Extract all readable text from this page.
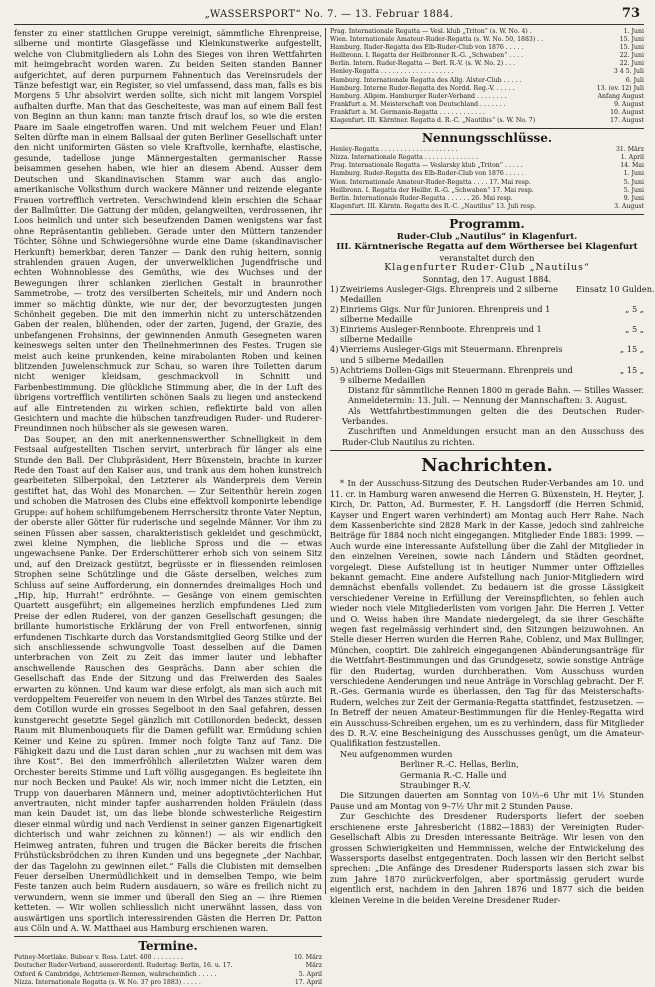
„WASSERSPORT“ No. 7. — 13. Februar 1884.	73

fenster zu einer stattlichen Gruppe vereinigt, sämmtliche Ehrenpreise, silberne und montirte Glasgefässe und Kleinkunstwerke aufgestellt, welche von Clubmitgliedern als Lohn des Sieges von ihren Wettfahrten mit heimgebracht worden waren. Zu beiden Seiten standen Banner aufgerichtet, auf deren purpurnem Fahnentuch das Vereinsrudels der Tänze befestigt war, ein Register, so viel umfassend, dass man, falls es bis Morgens 5 Uhr absolvirt werden sollte, sich nicht mit langem Vorspiel aufhalten durfte. Man that das Gescheiteste, was man auf einem Ball fest von Beginn an thun kann: man tanzte frisch drauf los, so wie die ersten Paare im Saale eingetroffen waren. Und mit welchem Feuer und Elan! Selten dürfte man in einem Ballsaal der guten Berliner Gesellschaft unter den nicht uniformirten Gästen so viele Kraftvolle, kernhafte, elastische, gesunde, tadellose junge Männergestalten germanischer Rasse beisammen gesehen haben, wie hier an diesem Abend. Ausser dem Deutschen und Skandinavischen Stamm war auch das anglo-amerikanische Volksthum durch wackere Männer und reizende elegante Frauen vortrefflich vertreten. Verschwindend klein erschien die Schaar der Ballmütter. Die Gattung der müden, gelangweilten, verdrossenen, ihr Loos heimlich und unter sich beseufzenden Damen wenigstens war fast ohne Repräsentantin geblieben. Gerade unter den Müttern tanzender Töchter, Söhne und Schwiegersöhne wurde eine Dame (skandinavischer Herkunft) bemerkbar, deren Tanzer — Dank den ruhig heitern, sonnig strahlenden grauen Augen, der unverwelklichen Jugendfrische und echten Wohnnoblesse des Gemüths, wie des Wuchses und der Bewegungen ihrer schlanken zierlichen Gestalt in braunrother Sammetrobe, — trotz des versilberten Scheitels, mir und Andern noch immer so mächtig dünkte, wie nur der, der bevorzugtesten jungen Schönheit gegeben. Die mit den immerhin nicht zu unterschätzenden Gaben der realen, blühenden, oder der zarten, Jugend, der Grazie, des unbefangenen Frohsinns, der gewinnenden Anmuth Gesegneten waren keineswegs selten unter den Theilnehmerinnen des Festes. Trugen sie meist auch keine prunkenden, keine mirabolanten Roben und keinen blitzenden Juwelenschmuck zur Schau, so waren ihre Toiletten darum nicht weniger kleidsam, geschmackvoll in Schnitt und Farbenbestimmung. Die glückliche Stimmung aber, die in der Luft des übrigens vortrefflich ventilirten schönen Saals zu liegen und ansteckend auf alle Eintretenden zu wirken schien, reflektirte bald von allen Gesichtern und machte die hübschen tanzfreudigen Ruder- und Ruderer-Freundinnen noch hübscher als sie gewesen waren.

Das Souper, an den mit anerkennenswerther Schnelligkeit in dem Festsaal aufgestellten Tischen servirt, unterbrach für länger als eine Stunde den Ball. Der Clubpräsident, Herr Büxenstein, brachte in kurzer Rede den Toast auf den Kaiser aus, und trank aus dem hohen kunstreich gearbeiteten Silberpokal, den Letzterer als Wanderpreis dem Verein gestiftet hat, das Wohl des Monarchen. — Zur Seitenthür herein zogen und schoben die Matrosen des Clubs eine effektvoll komponirte lebendige Gruppe: auf hohem schilfumgebenem Herrschersitz thronte Vater Neptun, der oberste aller Götter für ruderische und segelnde Männer. Vor ihm zu seinen Füssen aber sassen, charakteristisch gekleidet und geschmückt, zwei kleine Nymphen, die liebliche Spross und die — etwas ungewachsene Panke. Der Erderschütterer erhob sich von seinem Sitz und, auf den Dreizack gestützt, begrüsste er in fliessenden reimlosen Strophen seine Schützlinge und die Gäste derselben, welches zum Schluss auf seine Aufforderung, ein donnerndes dreimaliges Hoch und „Hip, hip, Hurrah!“ erdröhnte. — Gesänge von einem gemischten Quartett ausgeführt; ein allgemeines herzlich empfundenes Lied zum Preise der edlen Ruderei, von der ganzen Gesellschaft gesungen; die brillante humoristische Erklärung der von Frell entworfenen, sinnig erfundenen Tischkarte durch das Vorstandsmitglied Georg Stilke und der sich anschliessende schwungvolle Toast desselben auf die Damen unterbrachen von Zeit zu Zeit das immer lauter und lebhafter anschwellende Rauschen des Gesprächs. Dann aber schien die Gesellschaft das Ende der Sitzung und das Freiwerden des Saales erwarten zu können. Und kaum war diese erfolgt, als man sich auch mit verdoppeltem Feuereifer von neuem in den Wirbel des Tanzes stürzte. Bei dem Cotillon wurde ein grosses Segelboot in den Saal gefahren, dessen kunstgerecht gesetzte Segel gänzlich mit Cotillonorden bedeckt, dessen Raum mit Blumenbouquets für die Damen gefüllt war. Ermüdung schien Keiner und Keine zu spüren. Immer noch folgte Tanz auf Tanz. Die Fähigkeit dazu und die Lust daran schien „nur zu wachsen mit dem was ihre Kost“. Bei den immerfröhlich alleriletzten Walzer waren dem Orchester bereits Stimme und Luft völlig ausgegangen. Es begleitete ihn nur noch Becken und Pauke! Als wir, noch immer nicht die Letzten, ein Trupp von dauerbaren Männern und, meiner adoptivtöchterlichen Hut anvertrauten, nicht minder tapfer ausharrenden holden Fräulein (dass man kein Daudet ist, um das liebe blonde schwesterliche Reigestirn dieser einmal würdig und nach Verdienst in seiner ganzen Eigenartigkeit dichterisch und wahr zeichnen zu können!) — als wir endlich den Heimweg antraten, fuhren und trugen die Bäcker bereits die frischen Frühstücksbrödchen zu ihren Kunden und uns begegnete „der Nachbar, der das Tagelohn zu gewinnen eilet.“ Falls die Clubisten mit demselben Feuer derselben Unermüdlichkeit und in demselben Tempo, wie beim Feste tanzen auch beim Rudern ausdauern, so wäre es freilich nicht zu verwundern, wenn sie immer und überall den Sieg an — ihre Riemen ketteten. — Wir wollen schliesslich nicht unerwähnt lassen, dass von auswärtigen uns sportlich interessirenden Gästen die Herren Dr. Patton aus Cöln und A. W. Matthaei aus Hamburg erschienen waren.

Termine.
Putney-Mortlake. Bubear v. Ross. Latrl. 400 . . . . . . . .	10. März
Deutscher Ruder-Verband, ausserordentl. Rudertag: Berlin, 16. u. 17.	März
Oxford & Cambridge, Achtriemer-Rennen, wahrscheinlich . . . . .	5. April
Nizza. Internationale Regatta (s. W. No. 37 pro 1883) . . . . .	17. April
Prag. Internationale Regatta — Vesl. klub „Triton“ (s. W. No. 4) .	1. Juni
Wien. Internationale Amateur-Ruder-Regatta (s. W. No. 50, 1883) . .	15. Juni
Hamburg. Ruder-Regatta des Elb-Ruder-Club von 1876 . . . . .	15. Juni
Heilbronn. I. Regatta der Heilbronner R.-G. „Schwaben“ . . . .	22. Juni
Berlin. Intern. Ruder-Regatta — Berl. R.-V. (s. W. No. 2) . . .	22. Juni
Henley-Regatta . . . . . . . . . . . . . . . . . . .	3 4 5. Juli
Hamburg. Internationale Regatta des Allg. Alster-Club . . . . .	6. Juli
Hamburg. Interne Ruder-Regatta des Nordd. Reg.-V. . . . . .	13. (ev. 12) Juli
Hamburg. Allgem. Hamburger Ruder-Verband . . . . . . . .	Anfang August
Frankfurt a. M. Meisterschaft von Deutschland . . . . . . .	9. August
Frankfurt a. M. Germania-Regatta . . . . . . . . . . . .	10. August
Klagenfurt. III. Kärntner. Regatta d. R.-C. „Nautilus“ (s. W. No. 7)	17. August
Nennungsschlüsse.
Henley-Regatta . . . . . . . . . . . . . . . . . . . .	31. März
Nizza. Internationale Regatta . . . . . . . . . . . . . .	1. April
Prag. Internationale Regatta — Veslarsky klub „Triton“ . . . . .	14. Mai
Hamburg. Ruder-Regatta des Elb-Ruder-Club von 1876 . . . . .	1. Juni
Wien. Internationale Amateur-Ruder-Regatta . . . . 17. Mai resp.	5. Juni
Heilbronn. I. Regatta der Heilbr. R.-G. „Schwaben“ 17. Mai resp.	5. Juni
Berlin. Internationale Ruder-Regatta . . . . . . 26. Mai resp.	9. Juni
Klagenfurt. III. Kärntn. Regatta des R.-C. „Nautilus“ 13. Juli resp.	3. August
Programm.

Ruder-Club „Nautilus“ in Klagenfurt.

III. Kärntnerische Regatta auf dem Wörthersee bei Klagenfurt

veranstaltet durch den

Klagenfurter Ruder-Club „Nautilus“

Sonntag, den 17. August 1884.

1) Zweiriems Ausleger-Gigs. Ehrenpreis und 2 silberne Medaillen
Einsatz 10 Gulden.
2) Einriems Gigs. Nur für Junioren. Ehrenpreis und 1 silberne Medaille
„ 5 „
3) Einriems Ausleger-Rennboote. Ehrenpreis und 1 silberne Medaille
„ 5 „
4) Vierriems Ausleger-Gigs mit Steuermann. Ehrenpreis und 5 silberne Medaillen
„ 15 „
5) Achtriems Dollen-Gigs mit Steuermann. Ehrenpreis und 9 silberne Medaillen
„ 15 „

Distanz für sämmtliche Rennen 1800 m gerade Bahn. — Stilles Wasser.

Anmeldetermin: 13. Juli. — Nennung der Mannschaften: 3. August.

Als Wettfahrtbestimmungen gelten die des Deutschen Ruder-Verbandes.

Zuschriften und Anmeldungen ersucht man an den Ausschuss des Ruder-Club Nautilus zu richten.

Nachrichten.

* In der Ausschuss-Sitzung des Deutschen Ruder-Verbandes am 10. und 11. cr. in Hamburg waren anwesend die Herren G. Büxenstein, H. Heyter, J. Kirch, Dr. Patton, Ad. Burmester, F. H. Langsdorff (die Herren Schmid, Kayser und Engert waren verhindert) am Montag auch Herr Rahe. Nach dem Kassenberichte sind 2828 Mark in der Kasse, jedoch sind zahlreiche Beiträge für 1884 noch nicht eingegangen. Mitglieder Ende 1883: 1999. — Auch wurde eine interessante Aufstellung über die Zahl der Mitglieder in den einzelnen Vereinen, sowie nach Ländern und Städten geordnet, vorgelegt. Diese Aufstellung ist in heutiger Nummer unter Offizielles bekannt gemacht. Eine andere Aufstellung nach Junior-Mitgliedern wird demnächst ebenfalls vollendet. Zu bedauern ist die grosse Lässigkeit verschiedener Vereine in Erfüllung der Vereinspflichten, so fehlen auch wieder noch viele Mitgliederlisten vom vorigen Jahr. Die Herren J. Vetter und O. Weiss haben ihre Mandate niedergelegt, da sie ihrer Geschäfte wegen fast regelmässig verhindert sind, den Sitzungen beizuwohnen. An Stelle dieser Herren wurden die Herren Rahe, Coblenz, und Max Bullinger, München, cooptirt. Die zahlreich eingegangenen Abänderungsanträge für die Wettfahrt-Bestimmungen und das Grundgesetz, sowie sonstige Anträge für den Rudertag, wurden durchberathen. Vom Ausschuss wurden verschiedene Aenderungen und neue Anträge in Vorschlag gebracht. Der F. R.-Ges. Germania wurde es überlassen, den Tag für das Meisterschafts-Rudern, welches zur Zeit der Germania-Regatta stattfindet, festzusetzen. — In Betreff der neuen Amateur-Bestimmungen für die Henley-Regatta wird ein Ausschuss-Schreiben ergehen, um es zu verhindern, dass für Mitglieder des D. R.-V. eine Bescheinigung des Ausschusses genügt, um die Amateur-Qualifikation festzustellen.

Neu aufgenommen wurden

Berliner R.-C. Hellas, Berlin,

Germania R.-C. Halle und

Straubinger R.-V.

Die Sitzungen dauerten am Sonntag von 10½–6 Uhr mit 1½ Stunden Pause und am Montag von 9–7½ Uhr mit 2 Stunden Pause.

Zur Geschichte des Dresdener Rudersports liefert der soeben erschienene erste Jahresbericht (1882—1883) der Vereinigten Ruder-Gesellschaft Albis zu Dresden interessante Beiträge. Wir lesen von den grossen Schwierigkeiten und Hemmnissen, welche der Entwickelung des Wassersports daselbst entgegentraten. Doch lassen wir den Bericht selbst sprechen: „Die Anfänge des Dresdener Rudersports lassen sich zwar bis zum Jahre 1870 zurückverfolgen, aber sportmässig gerudert wurde eigentlich erst, nachdem in den Jahren 1876 und 1877 sich die beiden kleinen Vereine in die beiden Vereine Dresdener Ruder-
